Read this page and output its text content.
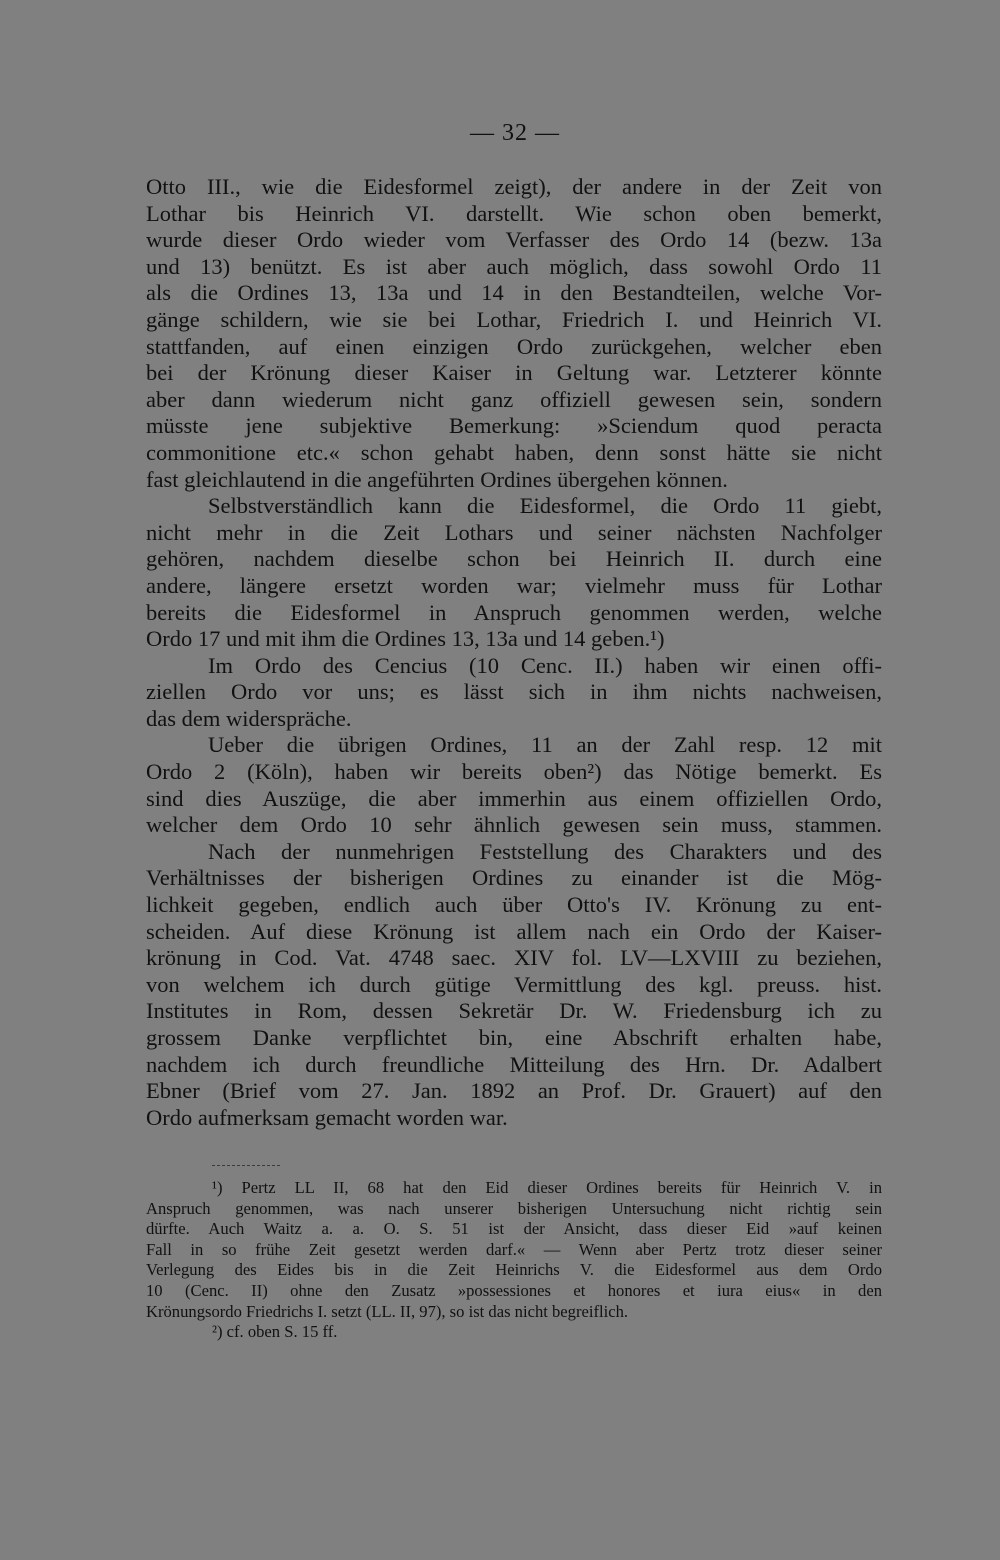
— 32 —
Otto III., wie die Eidesformel zeigt), der andere in der Zeit von
Lothar bis Heinrich VI. darstellt. Wie schon oben bemerkt,
wurde dieser Ordo wieder vom Verfasser des Ordo 14 (bezw. 13a
und 13) benützt. Es ist aber auch möglich, dass sowohl Ordo 11
als die Ordines 13, 13a und 14 in den Bestandteilen, welche Vor-
gänge schildern, wie sie bei Lothar, Friedrich I. und Heinrich VI.
stattfanden, auf einen einzigen Ordo zurückgehen, welcher eben
bei der Krönung dieser Kaiser in Geltung war. Letzterer könnte
aber dann wiederum nicht ganz offiziell gewesen sein, sondern
müsste jene subjektive Bemerkung: »Sciendum quod peracta
commonitione etc.« schon gehabt haben, denn sonst hätte sie nicht
fast gleichlautend in die angeführten Ordines übergehen können.
Selbstverständlich kann die Eidesformel, die Ordo 11 giebt,
nicht mehr in die Zeit Lothars und seiner nächsten Nachfolger
gehören, nachdem dieselbe schon bei Heinrich II. durch eine
andere, längere ersetzt worden war; vielmehr muss für Lothar
bereits die Eidesformel in Anspruch genommen werden, welche
Ordo 17 und mit ihm die Ordines 13, 13a und 14 geben.¹)
Im Ordo des Cencius (10 Cenc. II.) haben wir einen offi-
ziellen Ordo vor uns; es lässt sich in ihm nichts nachweisen,
das dem widerspräche.
Ueber die übrigen Ordines, 11 an der Zahl resp. 12 mit
Ordo 2 (Köln), haben wir bereits oben²) das Nötige bemerkt. Es
sind dies Auszüge, die aber immerhin aus einem offiziellen Ordo,
welcher dem Ordo 10 sehr ähnlich gewesen sein muss, stammen.
Nach der nunmehrigen Feststellung des Charakters und des
Verhältnisses der bisherigen Ordines zu einander ist die Mög-
lichkeit gegeben, endlich auch über Otto's IV. Krönung zu ent-
scheiden. Auf diese Krönung ist allem nach ein Ordo der Kaiser-
krönung in Cod. Vat. 4748 saec. XIV fol. LV—LXVIII zu beziehen,
von welchem ich durch gütige Vermittlung des kgl. preuss. hist.
Institutes in Rom, dessen Sekretär Dr. W. Friedensburg ich zu
grossem Danke verpflichtet bin, eine Abschrift erhalten habe,
nachdem ich durch freundliche Mitteilung des Hrn. Dr. Adalbert
Ebner (Brief vom 27. Jan. 1892 an Prof. Dr. Grauert) auf den
Ordo aufmerksam gemacht worden war.
¹) Pertz LL II, 68 hat den Eid dieser Ordines bereits für Heinrich V. in
Anspruch genommen, was nach unserer bisherigen Untersuchung nicht richtig sein
dürfte. Auch Waitz a. a. O. S. 51 ist der Ansicht, dass dieser Eid »auf keinen
Fall in so frühe Zeit gesetzt werden darf.« — Wenn aber Pertz trotz dieser seiner
Verlegung des Eides bis in die Zeit Heinrichs V. die Eidesformel aus dem Ordo
10 (Cenc. II) ohne den Zusatz »possessiones et honores et iura eius« in den
Krönungsordo Friedrichs I. setzt (LL. II, 97), so ist das nicht begreiflich.
²) cf. oben S. 15 ff.
